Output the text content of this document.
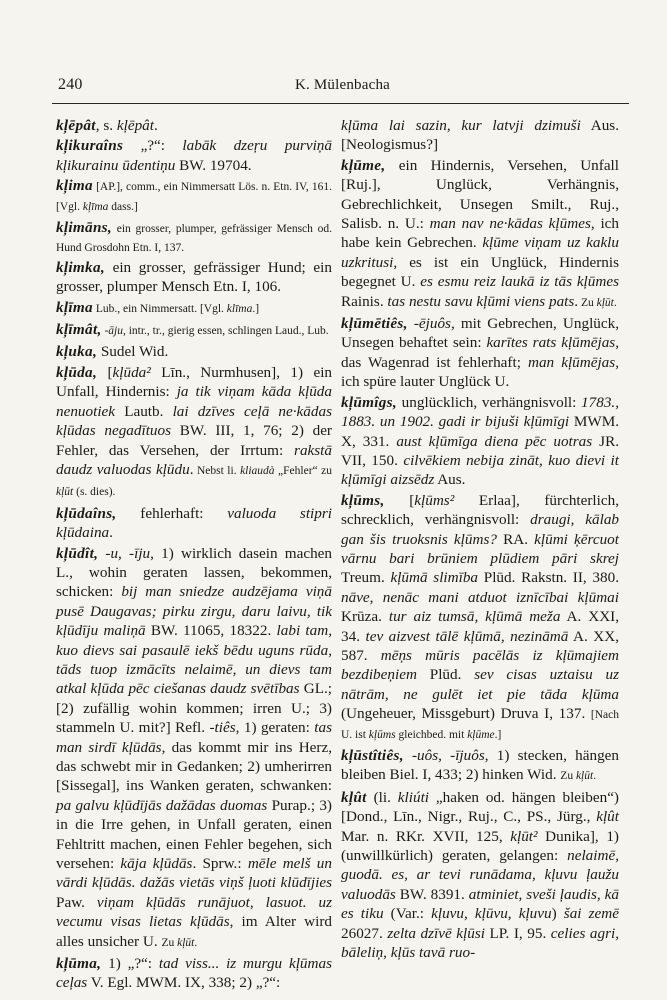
240	K. Mülenbacha

kļēpât, s. kļēpât.

kļikuraîns „?“: labāk dzeŗu purviņā kļikurainu ūdentiņu BW. 19704.

kļima [AP.], comm., ein Nimmersatt Lös. n. Etn. IV, 161. [Vgl. kļīma dass.]

kļimāns, ein grosser, plumper, gefrässiger Mensch od. Hund Grosdohn Etn. I, 137.

kļimka, ein grosser, gefrässiger Hund; ein grosser, plumper Mensch Etn. I, 106.

kļīma Lub., ein Nimmersatt. [Vgl. klīma.]

kļīmât, -āju, intr., tr., gierig essen, schlingen Laud., Lub.

kļuka, Sudel Wid.

kļūda, [kļūda² Līn., Nurmhusen], 1) ein Unfall, Hindernis: ja tik viņam kāda kļūda nenuotiek Lautb. lai dzīves ceļā ne·kādas kļūdas negadītuos BW. III, 1, 76; 2) der Fehler, das Versehen, der Irrtum: rakstā daudz valuodas kļūdu. Nebst li. kliaudà „Fehler“ zu kļūt (s. dies).

kļūdaîns, fehlerhaft: valuoda stipri kļūdaina.

kļūdît, -u, -īju, 1) wirklich dasein machen L., wohin geraten lassen, bekommen, schicken: bij man sniedze audzējama viņā pusē Daugavas; pirku zirgu, daru laivu, tik kļūdīju maliņā BW. 11065, 18322. labi tam, kuo dievs sai pasaulē iekš bēdu uguns rūda, tāds tuop izmācīts nelaimē, un dievs tam atkal kļūda pēc ciešanas daudz svētības GL.; [2) zufällig wohin kommen; irren U.; 3) stammeln U. mit?] Refl. -tiês, 1) geraten: tas man sirdī kļūdās, das kommt mir ins Herz, das schwebt mir in Gedanken; 2) umherirren [Sissegal], ins Wanken geraten, schwanken: pa galvu kļūdījās dažādas duomas Purap.; 3) in die Irre gehen, in Unfall geraten, einen Fehltritt machen, einen Fehler begehen, sich versehen: kāja kļūdās. Sprw.: mēle melš un vārdi kļūdās. dažās vietās viņš ļuoti klūdījies Paw. viņam kļūdās runājuot, lasuot. uz vecumu visas lietas kļūdās, im Alter wird alles unsicher U. Zu kļūt.

kļūma, 1) „?“: tad viss... iz murgu kļūmas ceļas V. Egl. MWM. IX, 338; 2) „?“:

kļūma lai sazin, kur latvji dzimuši Aus. [Neologismus?]

kļūme, ein Hindernis, Versehen, Unfall [Ruj.], Unglück, Verhängnis, Gebrechlichkeit, Unsegen Smilt., Ruj., Salisb. n. U.: man nav ne·kādas kļūmes, ich habe kein Gebrechen. kļūme viņam uz kaklu uzkritusi, es ist ein Unglück, Hindernis begegnet U. es esmu reiz laukā iz tās kļūmes Rainis. tas nestu savu kļūmi viens pats. Zu kļūt.

kļūmētiês, -ējuôs, mit Gebrechen, Unglück, Unsegen behaftet sein: karītes rats kļūmējas, das Wagenrad ist fehlerhaft; man kļūmējas, ich spüre lauter Unglück U.

kļūmîgs, unglücklich, verhängnisvoll: 1783., 1883. un 1902. gadi ir bijuši kļūmīgi MWM. X, 331. aust kļūmīga diena pēc uotras JR. VII, 150. cilvēkiem nebija zināt, kuo dievi it kļūmīgi aizsēdz Aus.

kļūms, [kļūms² Erlaa], fürchterlich, schrecklich, verhängnisvoll: draugi, kālab gan šis truoksnis kļūms? RA. kļūmi ķērcuot vārnu bari brūniem plūdiem pāri skrej Treum. kļūmā slimība Plūd. Rakstn. II, 380. nāve, nenāc mani atduot iznīcībai kļūmai Krūza. tur aiz tumsā, kļūmā meža A. XXI, 34. tev aizvest tālē kļūmā, nezināmā A. XX, 587. mēņs mūris pacēlās iz kļūmajiem bezdibeņiem Plūd. sev cisas uztaisu uz nātrām, ne gulēt iet pie tāda kļūma (Ungeheuer, Missgeburt) Druva I, 137. [Nach U. ist kļūms gleichbed. mit kļūme.]

kļūstîtiês, -uôs, -ījuôs, 1) stecken, hängen bleiben Biel. I, 433; 2) hinken Wid. Zu kļūt.

kļût (li. kliúti „haken od. hängen bleiben“) [Dond., Līn., Nigr., Ruj., C., PS., Jürg., kļût Mar. n. RKr. XVII, 125, kļūt² Dunika], 1) (unwillkürlich) geraten, gelangen: nelaimē, guodā. es, ar tevi runādama, kļuvu ļaužu valuodās BW. 8391. atminiet, sveši ļaudis, kā es tiku (Var.: kļuvu, kļūvu, kļuvu) šai zemē 26027. zelta dzīvē kļūsi LP. I, 95. celies agri, bāleliņ, kļūs tavā ruo-
